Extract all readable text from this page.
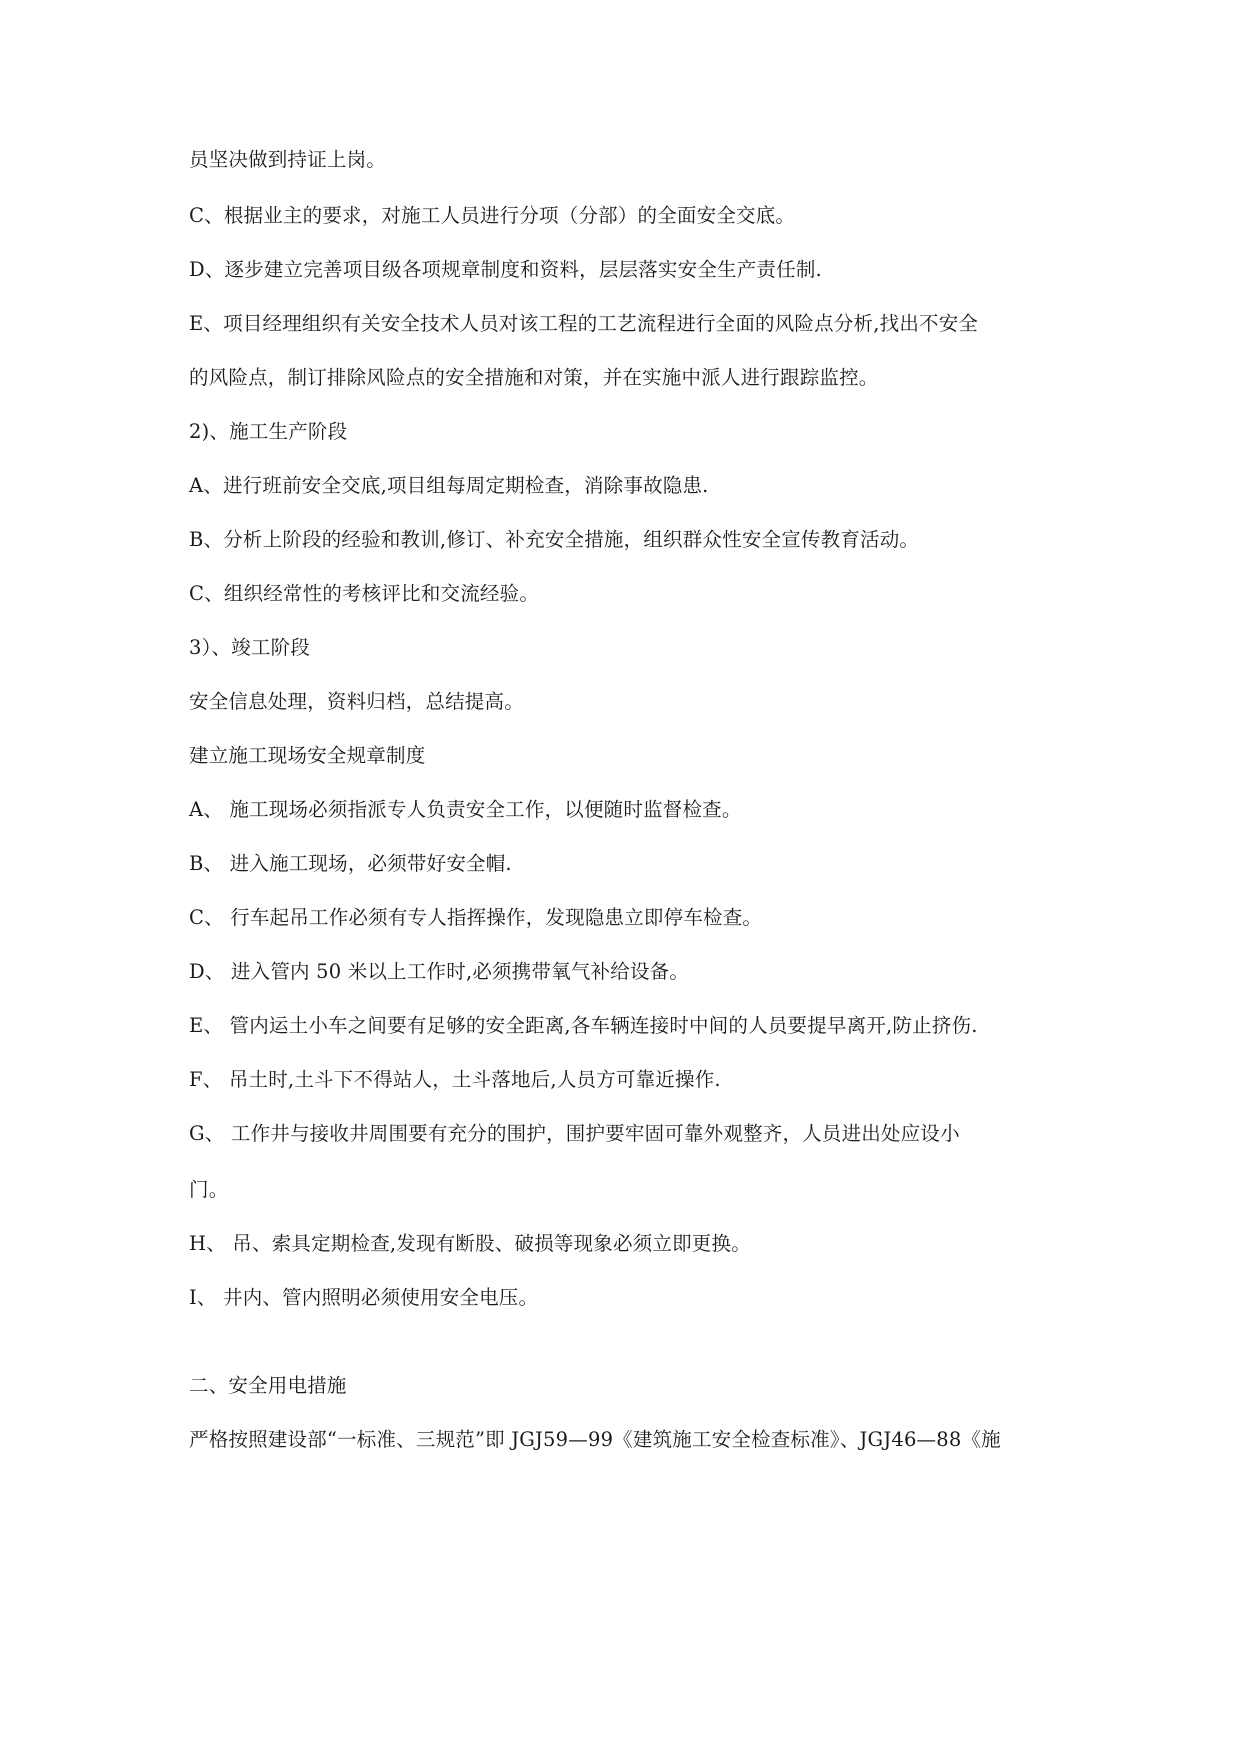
员坚决做到持证上岗。
C、根据业主的要求，对施工人员进行分项（分部）的全面安全交底。
D、逐步建立完善项目级各项规章制度和资料，层层落实安全生产责任制.
E、项目经理组织有关安全技术人员对该工程的工艺流程进行全面的风险点分析,找出不安全
的风险点，制订排除风险点的安全措施和对策，并在实施中派人进行跟踪监控。
2)、施工生产阶段
A、进行班前安全交底,项目组每周定期检查，消除事故隐患.
B、分析上阶段的经验和教训,修订、补充安全措施，组织群众性安全宣传教育活动。
C、组织经常性的考核评比和交流经验。
3）、竣工阶段
安全信息处理，资料归档，总结提高。
建立施工现场安全规章制度
A、 施工现场必须指派专人负责安全工作，以便随时监督检查。
B、 进入施工现场，必须带好安全帽.
C、 行车起吊工作必须有专人指挥操作，发现隐患立即停车检查。
D、 进入管内 50 米以上工作时,必须携带氧气补给设备。
E、 管内运土小车之间要有足够的安全距离,各车辆连接时中间的人员要提早离开,防止挤伤.
F、 吊土时,土斗下不得站人，土斗落地后,人员方可靠近操作.
G、 工作井与接收井周围要有充分的围护，围护要牢固可靠外观整齐，人员进出处应设小
门。
H、 吊、索具定期检查,发现有断股、破损等现象必须立即更换。
I、 井内、管内照明必须使用安全电压。
二、安全用电措施
严格按照建设部“一标准、三规范”即 JGJ59—99《建筑施工安全检查标准》、JGJ46—88《施
